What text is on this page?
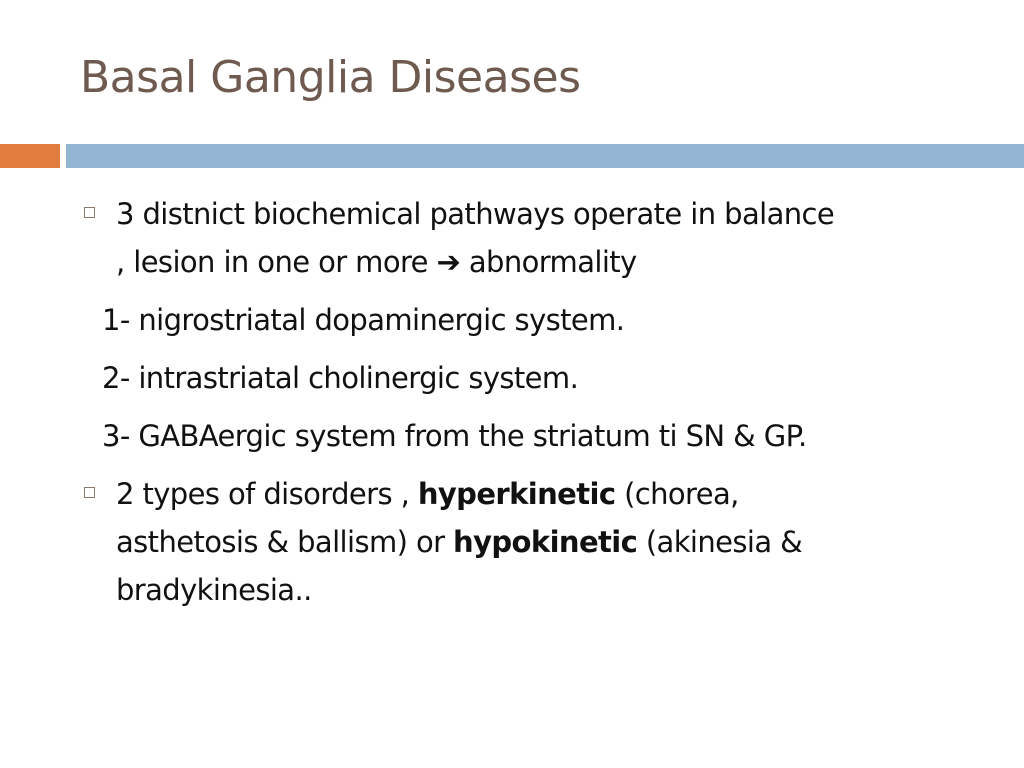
Basal Ganglia Diseases
3 distnict biochemical pathways operate in balance
, lesion in one or more ➔ abnormality
1- nigrostriatal dopaminergic system.
2- intrastriatal cholinergic system.
3- GABAergic system from the striatum ti SN & GP.
2 types of disorders , hyperkinetic (chorea,
asthetosis & ballism) or hypokinetic (akinesia &
bradykinesia..
